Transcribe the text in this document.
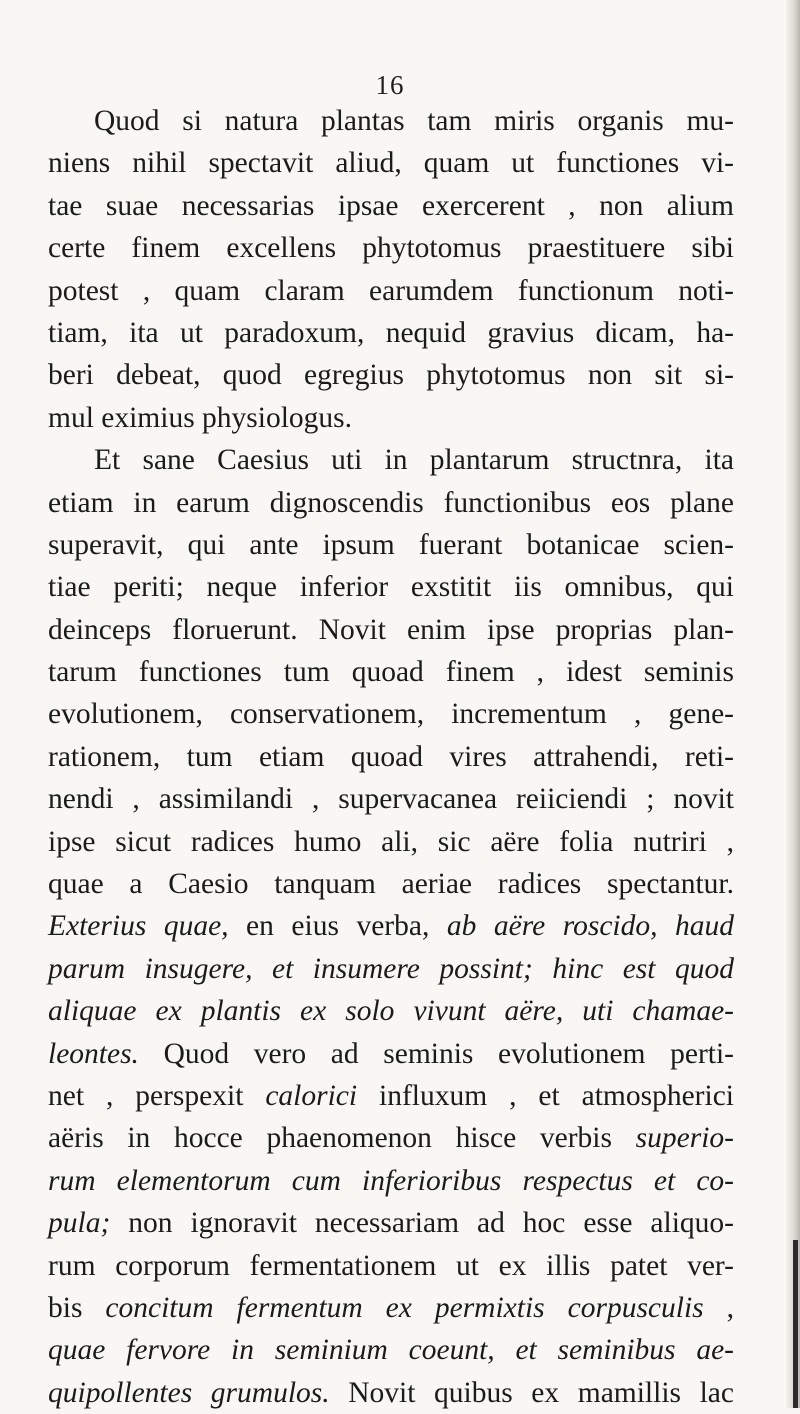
16
Quod si natura plantas tam miris organis mu-
niens nihil spectavit aliud, quam ut functiones vi-
tae suae necessarias ipsae exercerent , non alium
certe finem excellens phytotomus praestituere sibi
potest , quam claram earumdem functionum noti-
tiam, ita ut paradoxum, nequid gravius dicam, ha-
beri debeat, quod egregius phytotomus non sit si-
mul eximius physiologus.
Et sane Caesius uti in plantarum structnra, ita
etiam in earum dignoscendis functionibus eos plane
superavit, qui ante ipsum fuerant botanicae scien-
tiae periti; neque inferior exstitit iis omnibus, qui
deinceps floruerunt. Novit enim ipse proprias plan-
tarum functiones tum quoad finem , idest seminis
evolutionem, conservationem, incrementum , gene-
rationem, tum etiam quoad vires attrahendi, reti-
nendi , assimilandi , supervacanea reiiciendi ; novit
ipse sicut radices humo ali, sic aëre folia nutriri ,
quae a Caesio tanquam aeriae radices spectantur.
Exterius quae, en eius verba, ab aëre roscido, haud
parum insugere, et insumere possint; hinc est quod
aliquae ex plantis ex solo vivunt aëre, uti chamae-
leontes. Quod vero ad seminis evolutionem perti-
net , perspexit calorici influxum , et atmospherici
aëris in hocce phaenomenon hisce verbis superio-
rum elementorum cum inferioribus respectus et co-
pula; non ignoravit necessariam ad hoc esse aliquo-
rum corporum fermentationem ut ex illis patet ver-
bis concitum fermentum ex permixtis corpusculis ,
quae fervore in seminium coeunt, et seminibus ae-
quipollentes grumulos. Novit quibus ex mamillis lac
